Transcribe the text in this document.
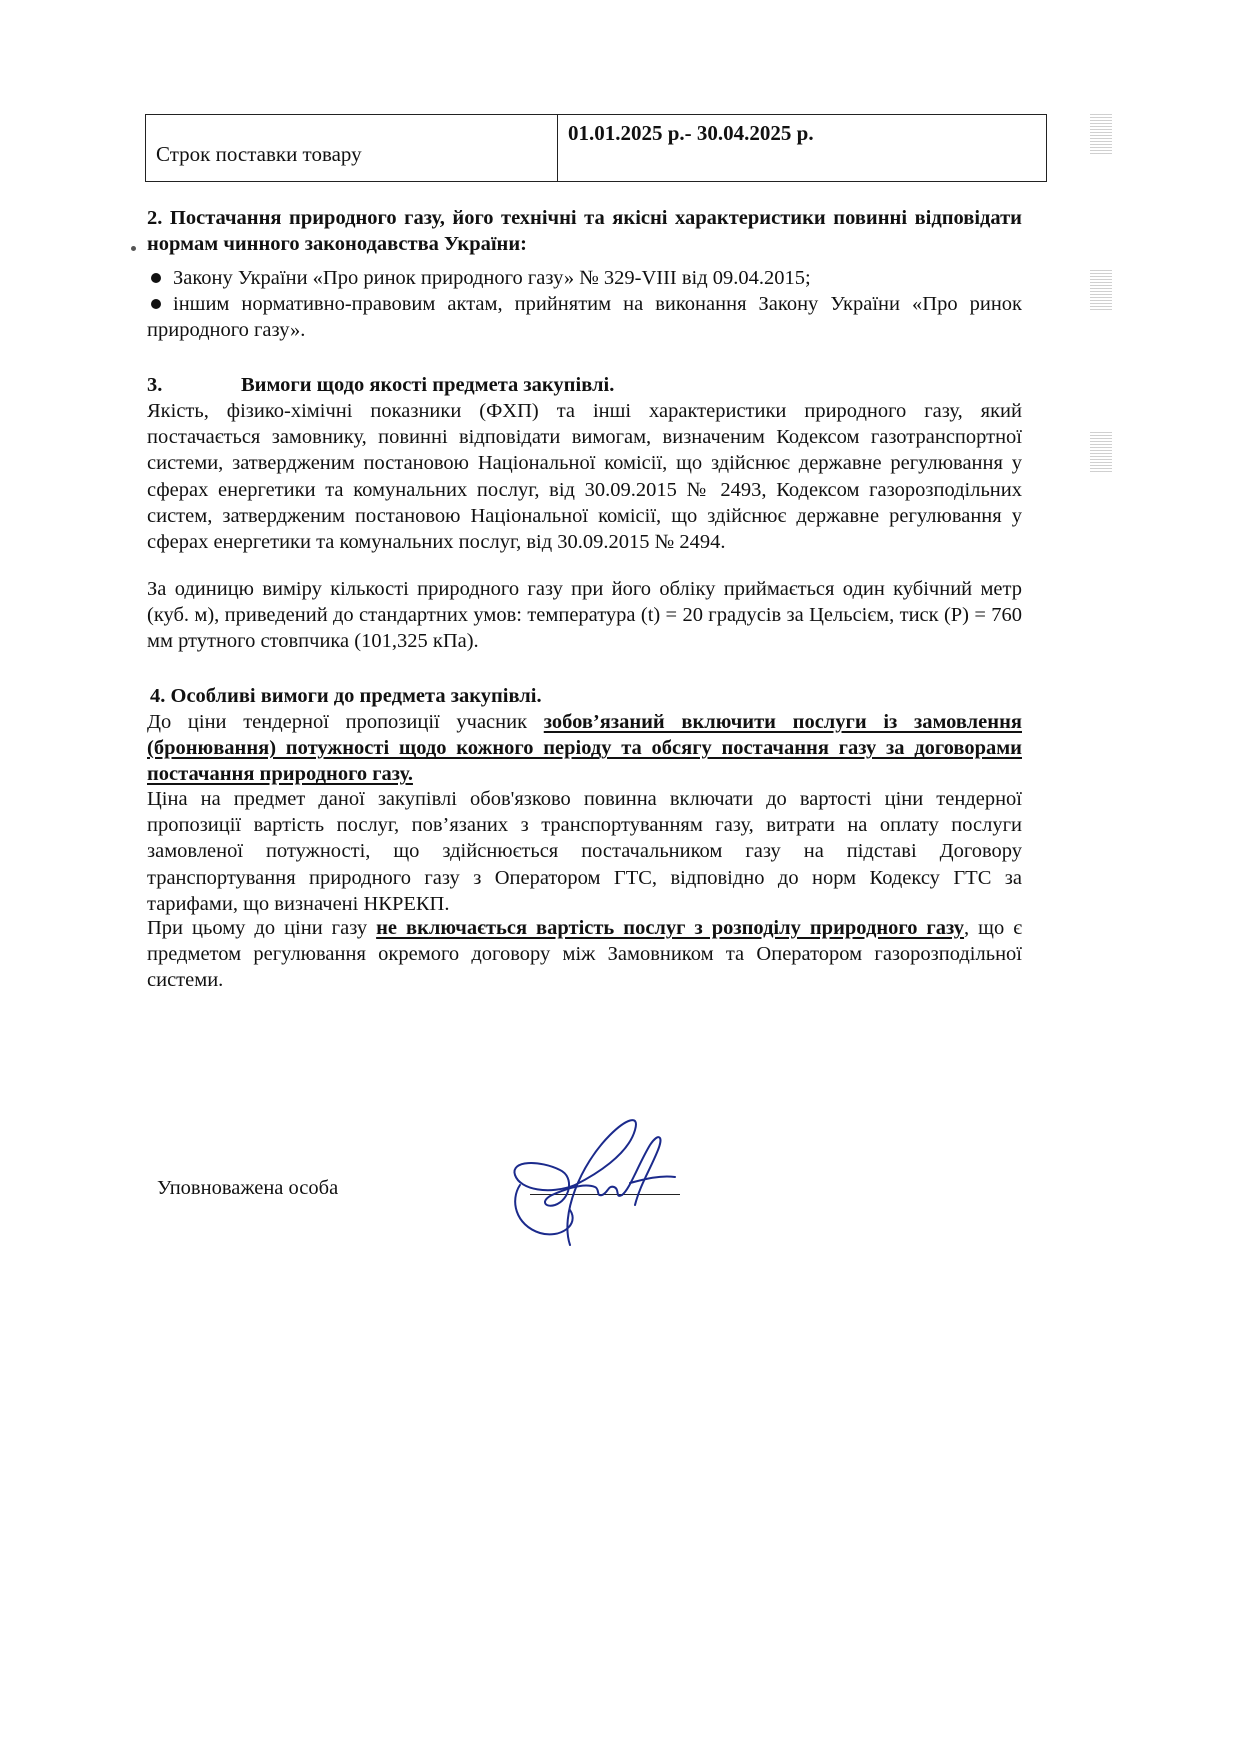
Строк поставки товару
01.01.2025 р.- 30.04.2025 р.
2. Постачання природного газу, його технічні та якісні характеристики повинні відповідати нормам чинного законодавства України:
Закону України «Про ринок природного газу» № 329-VIII від 09.04.2015;
іншим нормативно-правовим актам, прийнятим на виконання Закону України «Про ринок природного газу».
3.	Вимоги щодо якості предмета закупівлі.
Якість, фізико-хімічні показники (ФХП) та інші характеристики природного газу, який постачається замовнику, повинні відповідати вимогам, визначеним Кодексом газотранспортної системи, затвердженим постановою Національної комісії, що здійснює державне регулювання у сферах енергетики та комунальних послуг, від 30.09.2015 № 2493, Кодексом газорозподільних систем, затвердженим постановою Національної комісії, що здійснює державне регулювання у сферах енергетики та комунальних послуг, від 30.09.2015 № 2494.
За одиницю виміру кількості природного газу при його обліку приймається один кубічний метр (куб. м), приведений до стандартних умов: температура (t) = 20 градусів за Цельсієм, тиск (Р) = 760 мм ртутного стовпчика (101,325 кПа).
4. Особливі вимоги до предмета закупівлі.
До ціни тендерної пропозиції учасник зобов’язаний включити послуги із замовлення (бронювання) потужності щодо кожного періоду та обсягу постачання газу за договорами постачання природного газу.
Ціна на предмет даної закупівлі обов'язково повинна включати до вартості ціни тендерної пропозиції вартість послуг, пов’язаних з транспортуванням газу, витрати на оплату послуги замовленої потужності, що здійснюється постачальником газу на підставі Договору транспортування природного газу з Оператором ГТС, відповідно до норм Кодексу ГТС за тарифами, що визначені НКРЕКП.
При цьому до ціни газу не включається вартість послуг з розподілу природного газу, що є предметом регулювання окремого договору між Замовником та Оператором газорозподільної системи.
Уповноважена особа
